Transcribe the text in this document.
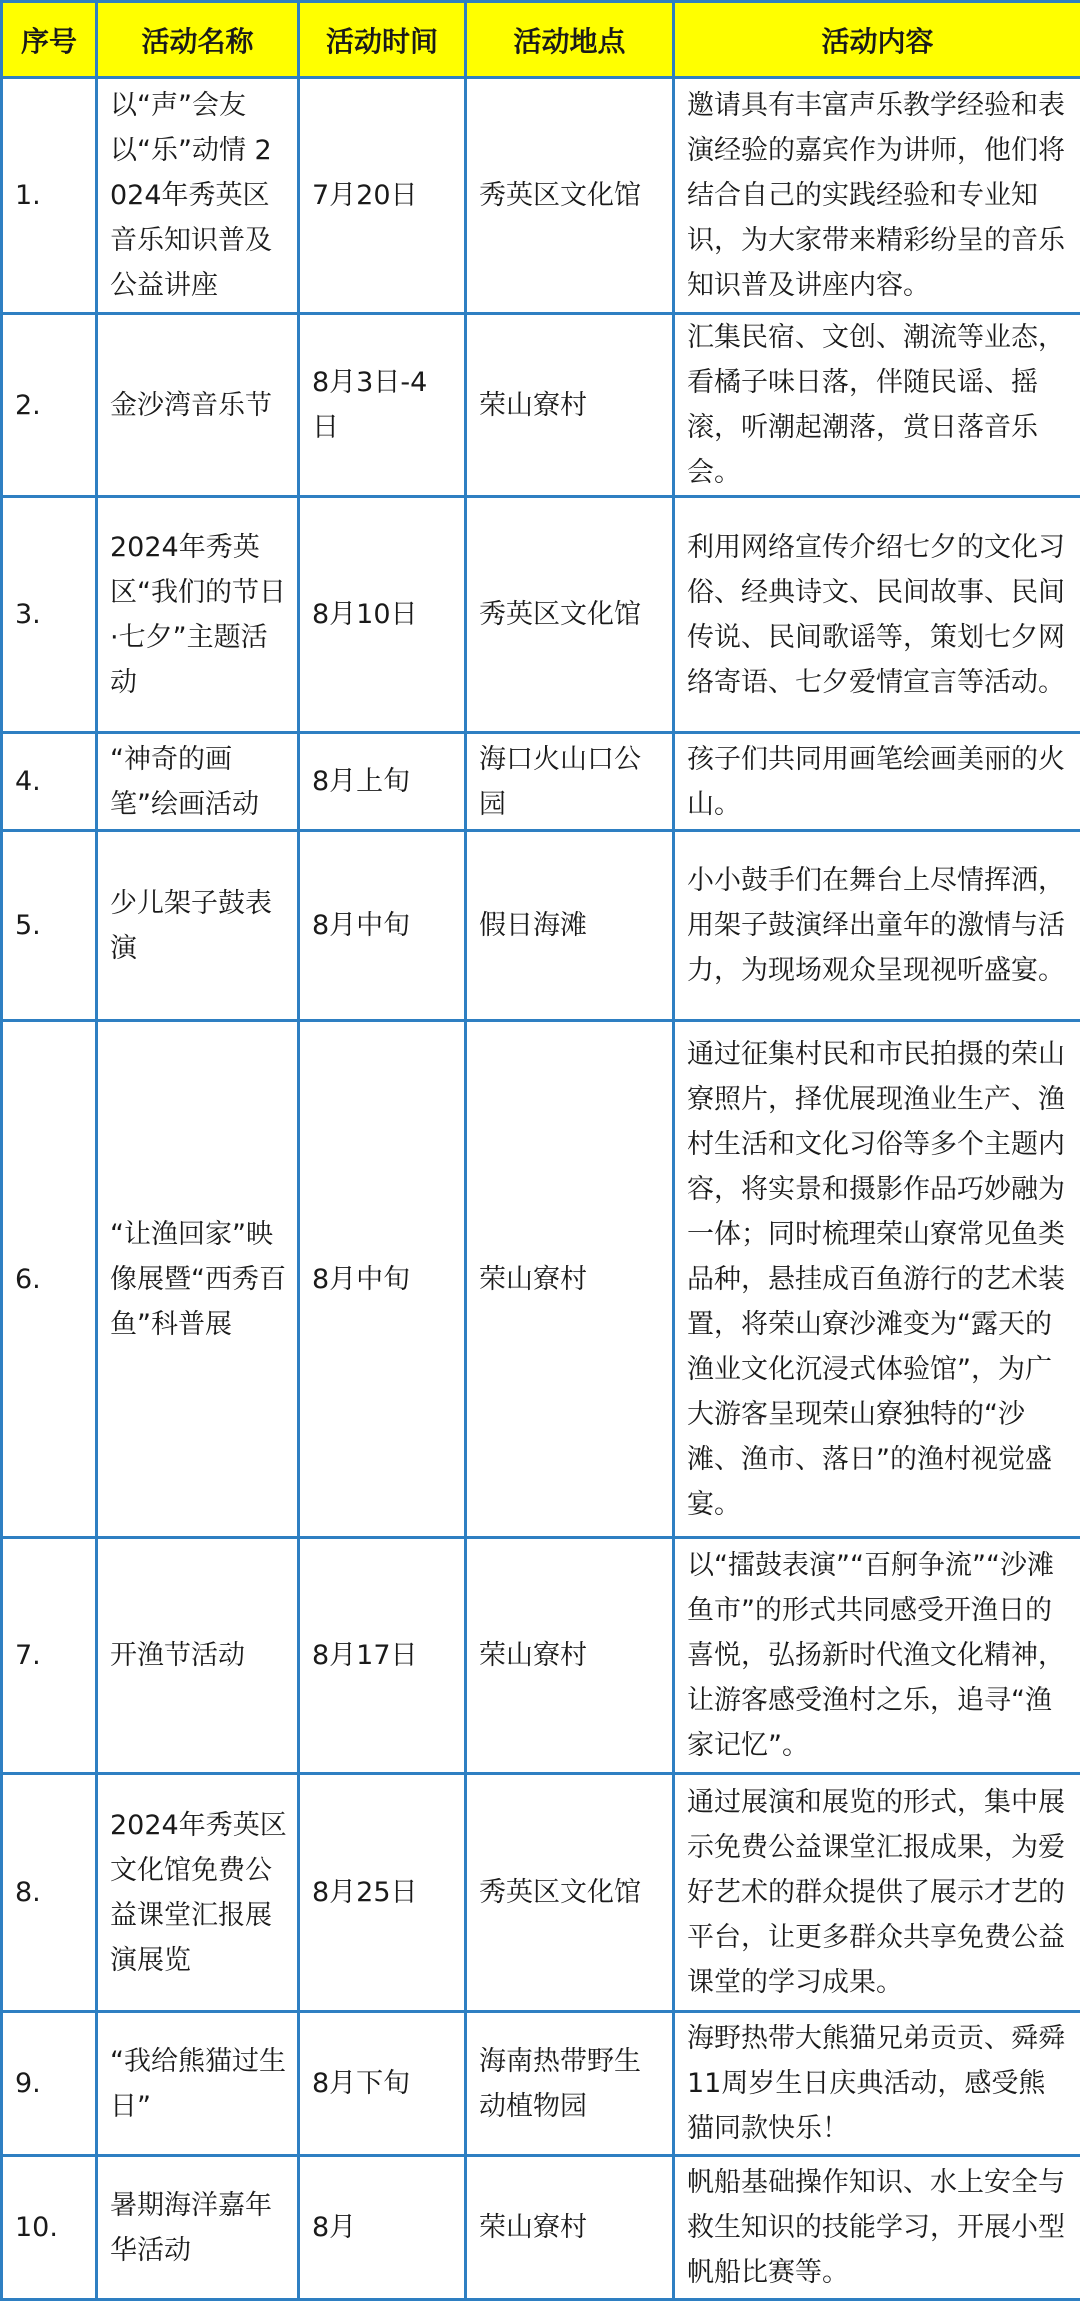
序号	活动名称	活动时间	活动地点	活动内容
1.	以“声”会友 以“乐”动情 2024年秀英区音乐知识普及公益讲座	7月20日	秀英区文化馆	邀请具有丰富声乐教学经验和表演经验的嘉宾作为讲师，他们将结合自己的实践经验和专业知识，为大家带来精彩纷呈的音乐知识普及讲座内容。
2.	金沙湾音乐节	8月3日-4日	荣山寮村	汇集民宿、文创、潮流等业态，看橘子味日落，伴随民谣、摇滚，听潮起潮落，赏日落音乐会。
3.	2024年秀英区“我们的节日·七夕”主题活动	8月10日	秀英区文化馆	利用网络宣传介绍七夕的文化习俗、经典诗文、民间故事、民间传说、民间歌谣等，策划七夕网络寄语、七夕爱情宣言等活动。
4.	“神奇的画笔”绘画活动	8月上旬	海口火山口公园	孩子们共同用画笔绘画美丽的火山。
5.	少儿架子鼓表演	8月中旬	假日海滩	小小鼓手们在舞台上尽情挥洒，用架子鼓演绎出童年的激情与活力，为现场观众呈现视听盛宴。
6.	“让渔回家”映像展暨“西秀百鱼”科普展	8月中旬	荣山寮村	通过征集村民和市民拍摄的荣山寮照片，择优展现渔业生产、渔村生活和文化习俗等多个主题内容，将实景和摄影作品巧妙融为一体；同时梳理荣山寮常见鱼类品种，悬挂成百鱼游行的艺术装置，将荣山寮沙滩变为“露天的渔业文化沉浸式体验馆”，为广大游客呈现荣山寮独特的“沙滩、渔市、落日”的渔村视觉盛宴。
7.	开渔节活动	8月17日	荣山寮村	以“擂鼓表演”“百舸争流”“沙滩鱼市”的形式共同感受开渔日的喜悦，弘扬新时代渔文化精神，让游客感受渔村之乐，追寻“渔家记忆”。
8.	2024年秀英区文化馆免费公益课堂汇报展演展览	8月25日	秀英区文化馆	通过展演和展览的形式，集中展示免费公益课堂汇报成果，为爱好艺术的群众提供了展示才艺的平台，让更多群众共享免费公益课堂的学习成果。
9.	“我给熊猫过生日”	8月下旬	海南热带野生动植物园	海野热带大熊猫兄弟贡贡、舜舜11周岁生日庆典活动，感受熊猫同款快乐！
10.	暑期海洋嘉年华活动	8月	荣山寮村	帆船基础操作知识、水上安全与救生知识的技能学习，开展小型帆船比赛等。
